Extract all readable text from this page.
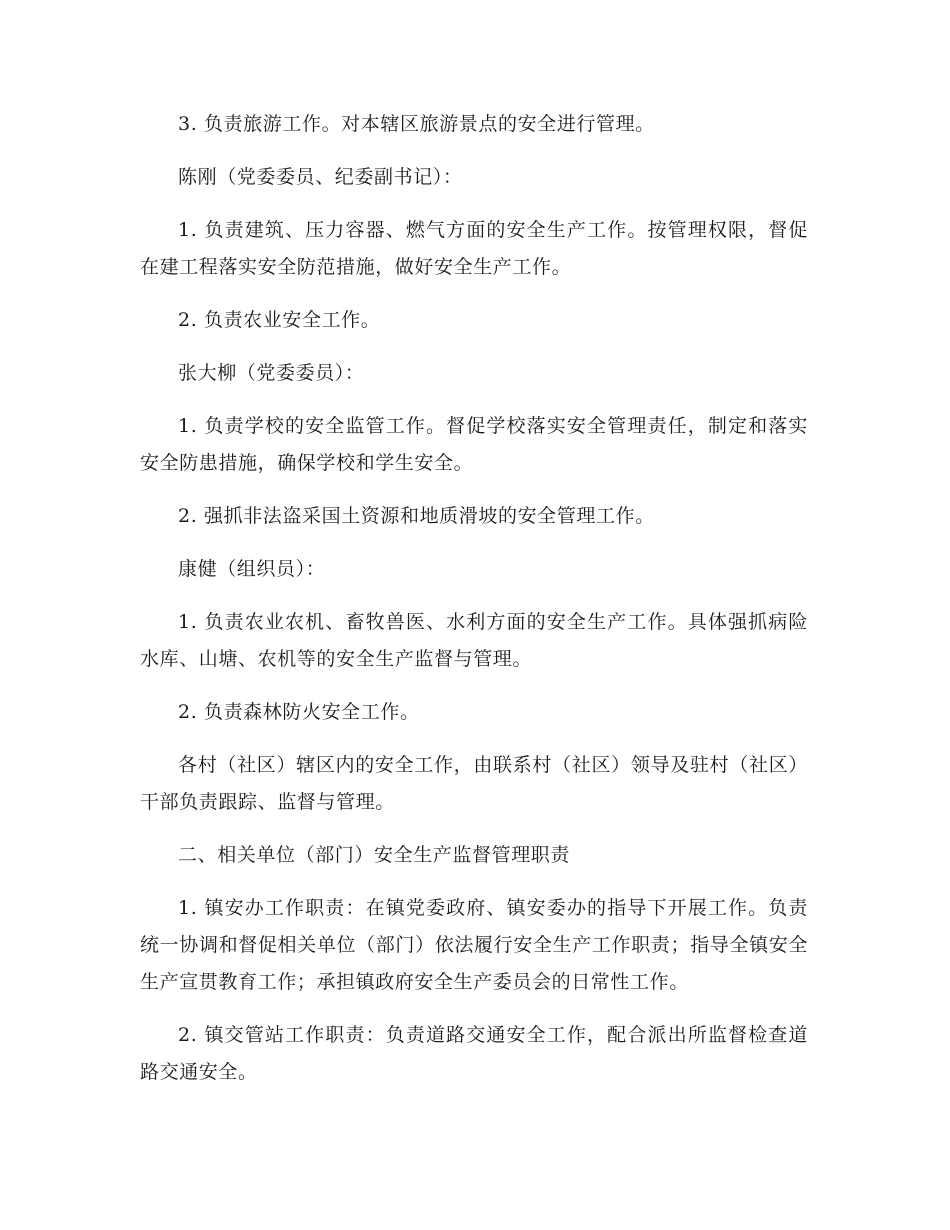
3. 负责旅游工作。对本辖区旅游景点的安全进行管理。

陈刚（党委委员、纪委副书记）：

1. 负责建筑、压力容器、燃气方面的安全生产工作。按管理权限，督促在建工程落实安全防范措施，做好安全生产工作。

2. 负责农业安全工作。

张大柳（党委委员）：

1. 负责学校的安全监管工作。督促学校落实安全管理责任，制定和落实安全防患措施，确保学校和学生安全。

2. 强抓非法盗采国土资源和地质滑坡的安全管理工作。

康健（组织员）：

1. 负责农业农机、畜牧兽医、水利方面的安全生产工作。具体强抓病险水库、山塘、农机等的安全生产监督与管理。

2. 负责森林防火安全工作。

各村（社区）辖区内的安全工作，由联系村（社区）领导及驻村（社区）干部负责跟踪、监督与管理。

二、相关单位（部门）安全生产监督管理职责

1. 镇安办工作职责：在镇党委政府、镇安委办的指导下开展工作。负责统一协调和督促相关单位（部门）依法履行安全生产工作职责；指导全镇安全生产宣贯教育工作；承担镇政府安全生产委员会的日常性工作。

2. 镇交管站工作职责：负责道路交通安全工作，配合派出所监督检查道路交通安全。
